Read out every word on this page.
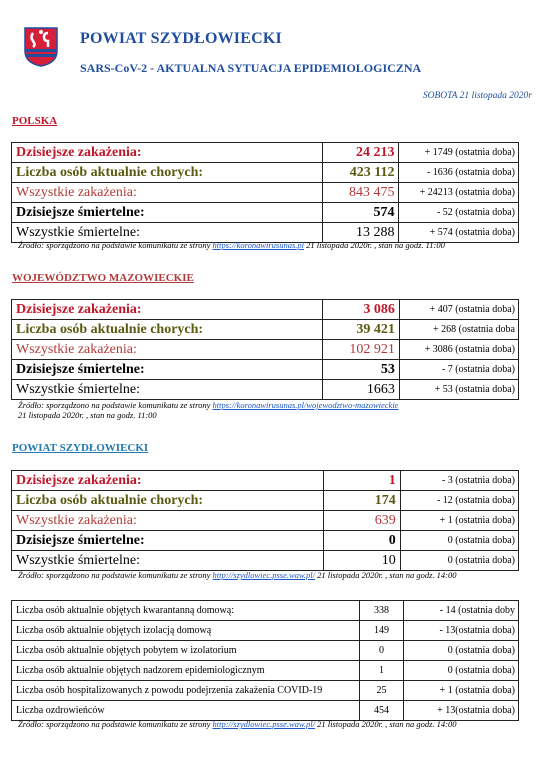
POWIAT SZYDŁOWIECKI
SARS-CoV-2 - AKTUALNA SYTUACJA EPIDEMIOLOGICZNA
SOBOTA 21 listopada 2020r
POLSKA
Dzisiejsze zakażenia:	24 213	+ 1749 (ostatnia doba)
Liczba osób aktualnie chorych:	423 112	- 1636 (ostatnia doba)
Wszystkie zakażenia:	843 475	+ 24213 (ostatnia doba)
Dzisiejsze śmiertelne:	574	- 52 (ostatnia doba)
Wszystkie śmiertelne:	13 288	+ 574 (ostatnia doba)
Źródło: sporządzono na podstawie komunikatu ze strony https://koronawirusunas.pl 21 listopada 2020r. , stan na godz. 11:00
WOJEWÓDZTWO MAZOWIECKIE
Dzisiejsze zakażenia:	3 086	+ 407 (ostatnia doba)
Liczba osób aktualnie chorych:	39 421	+ 268 (ostatnia doba
Wszystkie zakażenia:	102 921	+ 3086 (ostatnia doba)
Dzisiejsze śmiertelne:	53	- 7 (ostatnia doba)
Wszystkie śmiertelne:	1663	+ 53 (ostatnia doba)
Źródło: sporządzono na podstawie komunikatu ze strony https://koronawirusunas.pl/wojewodztwo-mazowieckie
21 listopada 2020r. , stan na godz. 11:00
POWIAT SZYDŁOWIECKI
Dzisiejsze zakażenia:	1	- 3 (ostatnia doba)
Liczba osób aktualnie chorych:	174	- 12 (ostatnia doba)
Wszystkie zakażenia:	639	+ 1 (ostatnia doba)
Dzisiejsze śmiertelne:	0	0 (ostatnia doba)
Wszystkie śmiertelne:	10	0 (ostatnia doba)
Źródło: sporządzono na podstawie komunikatu ze strony http://szydlowiec.psse.waw.pl/ 21 listopada 2020r. , stan na godz. 14:00
Liczba osób aktualnie objętych kwarantanną domową:	338	- 14 (ostatnia doby
Liczba osób aktualnie objętych izolacją domową	149	- 13(ostatnia doba)
Liczba osób aktualnie objętych pobytem w izolatorium	0	0 (ostatnia doba)
Liczba osób aktualnie objętych nadzorem epidemiologicznym	1	0 (ostatnia doba)
Liczba osób hospitalizowanych z powodu podejrzenia zakażenia COVID-19	25	+ 1 (ostatnia doba)
Liczba ozdrowieńców	454	+ 13(ostatnia doba)
Źródło: sporządzono na podstawie komunikatu ze strony http://szydlowiec.psse.waw.pl/ 21 listopada 2020r. , stan na godz. 14:00
